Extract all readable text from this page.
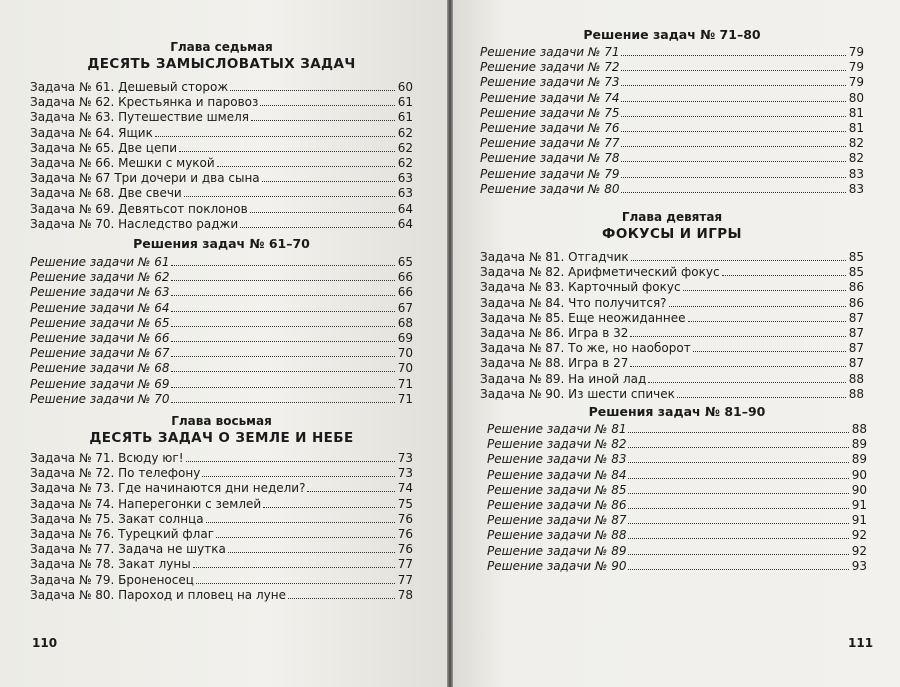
Глава седьмая
ДЕСЯТЬ ЗАМЫСЛОВАТЫХ ЗАДАЧ
Задача № 61. Дешевый сторож	60
Задача № 62. Крестьянка и паровоз	61
Задача № 63. Путешествие шмеля	61
Задача № 64. Ящик	62
Задача № 65. Две цепи	62
Задача № 66. Мешки с мукой	62
Задача № 67 Три дочери и два сына	63
Задача № 68. Две свечи	63
Задача № 69. Девятьсот поклонов	64
Задача № 70. Наследство раджи	64
Решения задач № 61–70
Решение задачи № 61	65
Решение задачи № 62	66
Решение задачи № 63	66
Решение задачи № 64	67
Решение задачи № 65	68
Решение задачи № 66	69
Решение задачи № 67	70
Решение задачи № 68	70
Решение задачи № 69	71
Решение задачи № 70	71
Глава восьмая
ДЕСЯТЬ ЗАДАЧ О ЗЕМЛЕ И НЕБЕ
Задача № 71. Всюду юг!	73
Задача № 72. По телефону	73
Задача № 73. Где начинаются дни недели?	74
Задача № 74. Наперегонки с землей	75
Задача № 75. Закат солнца	76
Задача № 76. Турецкий флаг	76
Задача № 77. Задача не шутка	76
Задача № 78. Закат луны	77
Задача № 79. Броненосец	77
Задача № 80. Пароход и пловец на луне	78
110
Решение задач № 71–80
Решение задачи № 71	79
Решение задачи № 72	79
Решение задачи № 73	79
Решение задачи № 74	80
Решение задачи № 75	81
Решение задачи № 76	81
Решение задачи № 77	82
Решение задачи № 78	82
Решение задачи № 79	83
Решение задачи № 80	83
Глава девятая
ФОКУСЫ И ИГРЫ
Задача № 81. Отгадчик	85
Задача № 82. Арифметический фокус	85
Задача № 83. Карточный фокус	86
Задача № 84. Что получится?	86
Задача № 85. Еще неожиданнее	87
Задача № 86. Игра в 32	87
Задача № 87. То же, но наоборот	87
Задача № 88. Игра в 27	87
Задача № 89. На иной лад	88
Задача № 90. Из шести спичек	88
Решения задач № 81–90
Решение задачи № 81	88
Решение задачи № 82	89
Решение задачи № 83	89
Решение задачи № 84	90
Решение задачи № 85	90
Решение задачи № 86	91
Решение задачи № 87	91
Решение задачи № 88	92
Решение задачи № 89	92
Решение задачи № 90	93
111
